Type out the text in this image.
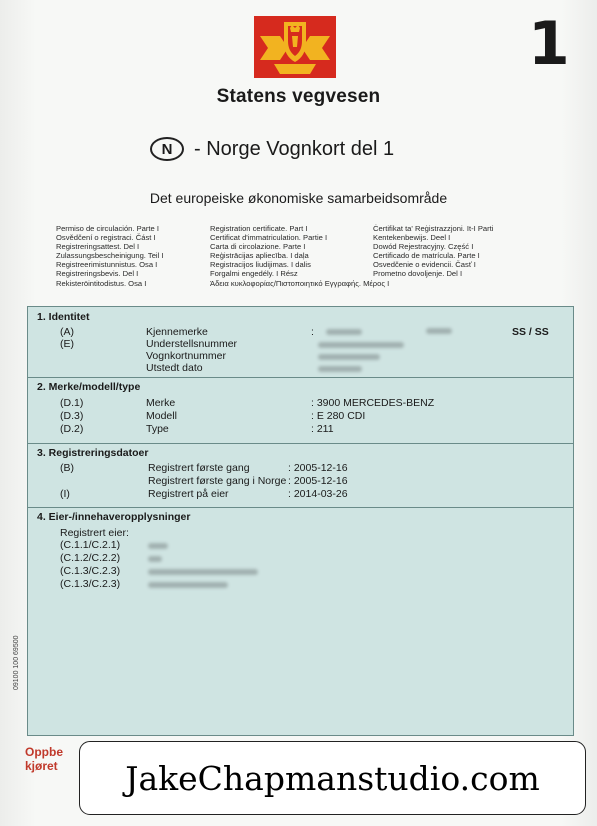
1
Statens vegvesen
N	- Norge Vognkort del 1
Det europeiske økonomiske samarbeidsområde
Permiso de circulación. Parte I
Osvědčení o registraci. Část I
Registreringsattest. Del I
Zulassungsbescheinigung. Teil I
Registreerimistunnistus. Osa I
Registreringsbevis. Del I
Rekisteröintitodistus. Osa I
Registration certificate. Part I
Certificat d'immatriculation. Partie I
Carta di circolazione. Parte I
Reģistrācijas apliecība. I daļa
Registracijos liudijimas. I dalis
Forgalmi engedély. I Rész
Άδεια κυκλοφορίας/Πιστοποιητικό Εγγραφής. Μέρος Ι
Ċertifikat ta' Reġistrazzjoni. It-I Parti
Kentekenbewijs. Deel I
Dowód Rejestracyjny. Część I
Certificado de matrícula. Parte I
Osvedčenie o evidencii. Časť I
Prometno dovoljenje. Del I
1. Identitet
(A)	Kjennemerke	:	SS / SS
(E)	Understellsnummer
Vognkortnummer
Utstedt dato
2. Merke/modell/type
(D.1)	Merke	: 3900 MERCEDES-BENZ
(D.3)	Modell	: E 280 CDI
(D.2)	Type	: 211
3. Registreringsdatoer
(B)	Registrert første gang	: 2005-12-16
Registrert første gang i Norge : 2005-12-16
(I)	Registrert på eier	: 2014-03-26
4. Eier-/innehaveropplysninger
Registrert eier:
(C.1.1/C.2.1)
(C.1.2/C.2.2)
(C.1.3/C.2.3)
(C.1.3/C.2.3)
09100 100 69500
Oppbe
kjøret	JakeChapmanstudio.com
